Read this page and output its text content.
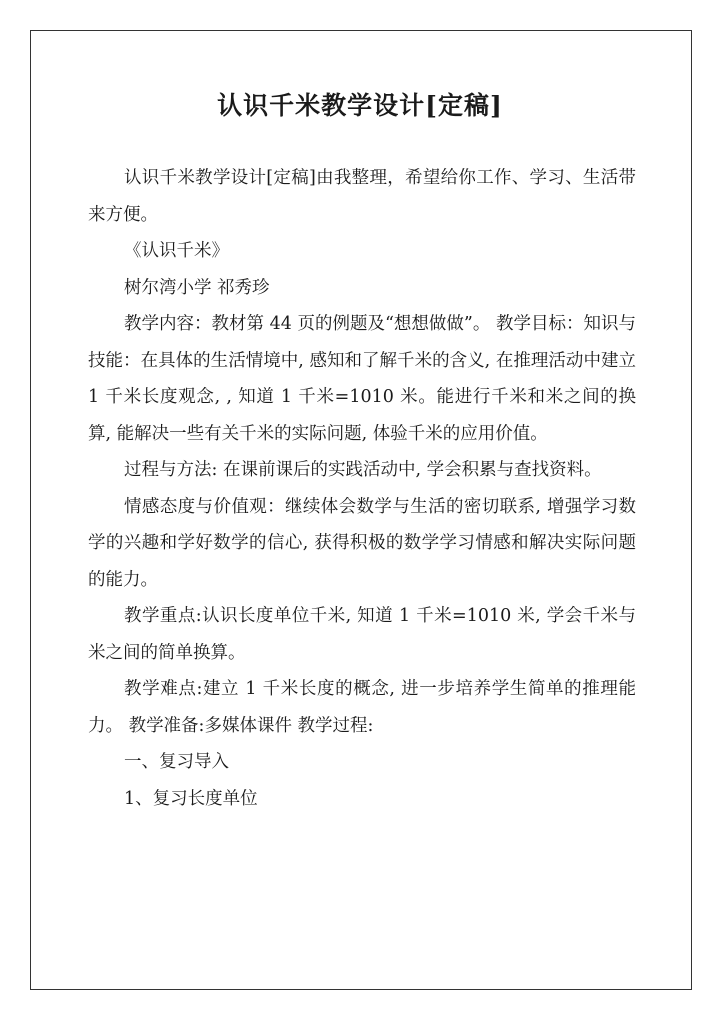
认识千米教学设计[定稿]

认识千米教学设计[定稿]由我整理，希望给你工作、学习、生活带来方便。

《认识千米》

树尔湾小学 祁秀珍

教学内容：教材第 44 页的例题及“想想做做”。 教学目标：知识与技能：在具体的生活情境中, 感知和了解千米的含义, 在推理活动中建立 1 千米长度观念, , 知道 1 千米=1010 米。能进行千米和米之间的换算, 能解决一些有关千米的实际问题, 体验千米的应用价值。

过程与方法: 在课前课后的实践活动中, 学会积累与查找资料。

情感态度与价值观：继续体会数学与生活的密切联系, 增强学习数学的兴趣和学好数学的信心, 获得积极的数学学习情感和解决实际问题的能力。

教学重点:认识长度单位千米, 知道 1 千米=1010 米, 学会千米与米之间的简单换算。

教学难点:建立 1 千米长度的概念, 进一步培养学生简单的推理能力。 教学准备:多媒体课件 教学过程:

一、复习导入

1、复习长度单位
